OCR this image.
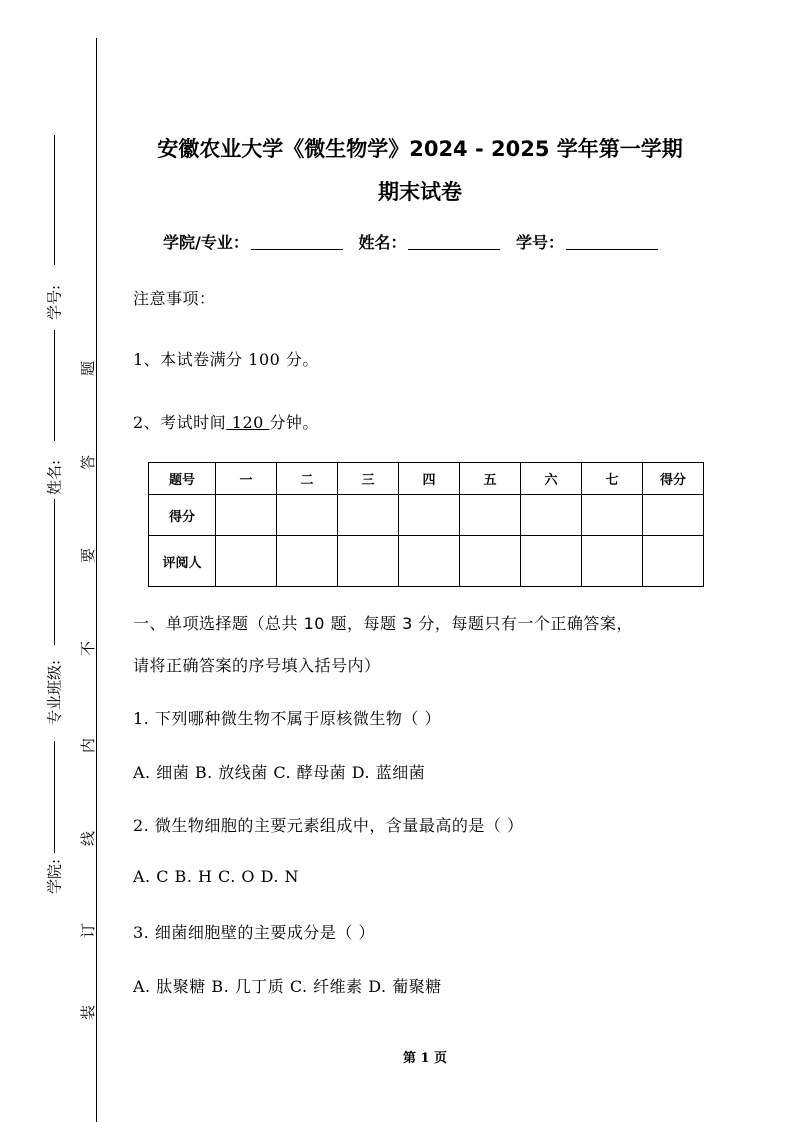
学号:
姓名:
专业班级:
学院:
题
答
要
不
内
线
订
装
安徽农业大学《微生物学》2024 - 2025 学年第一学期
期末试卷
学院/专业：	姓名：	学号：
注意事项：
1、本试卷满分 100 分。
2、考试时间 120 分钟。
题号	一	二	三	四	五	六	七	得分
得分								
评阅人								
一、单项选择题（总共 10 题，每题 3 分，每题只有一个正确答案，
请将正确答案的序号填入括号内）
1. 下列哪种微生物不属于原核微生物（ ）
A. 细菌 B. 放线菌 C. 酵母菌 D. 蓝细菌
2. 微生物细胞的主要元素组成中，含量最高的是（ ）
A. C B. H C. O D. N
3. 细菌细胞壁的主要成分是（ ）
A. 肽聚糖 B. 几丁质 C. 纤维素 D. 葡聚糖
第 1 页
